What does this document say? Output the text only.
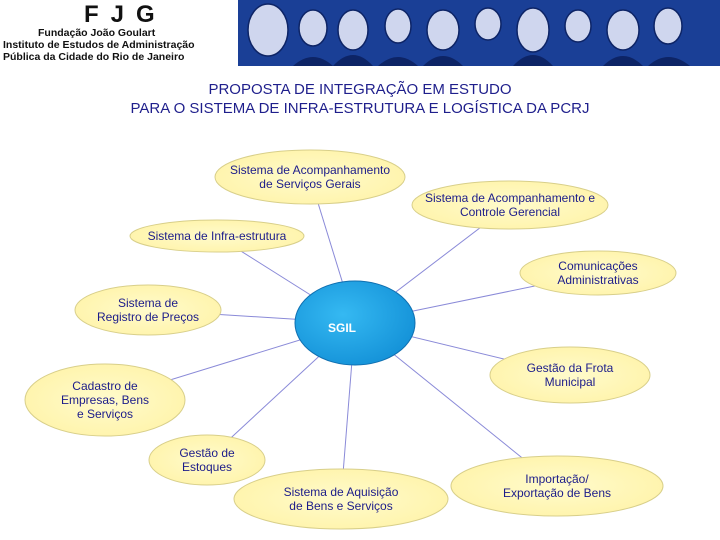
FJG
Fundação João Goulart
Instituto de Estudos de Administração
Pública da Cidade do Rio de Janeiro
PROPOSTA DE INTEGRAÇÃO EM ESTUDO
PARA O SISTEMA DE INFRA-ESTRUTURA E LOGÍSTICA DA PCRJ
Sistema de Acompanhamento
de Serviços Gerais
Sistema de Acompanhamento e
Controle Gerencial
Sistema de Infra-estrutura
Comunicações
Administrativas
Sistema de
Registro de Preços
Gestão da Frota
Municipal
Cadastro de
Empresas, Bens
e Serviços
Gestão de
Estoques
Sistema de Aquisição
de Bens e Serviços
Importação/
Exportação de Bens
SGIL
